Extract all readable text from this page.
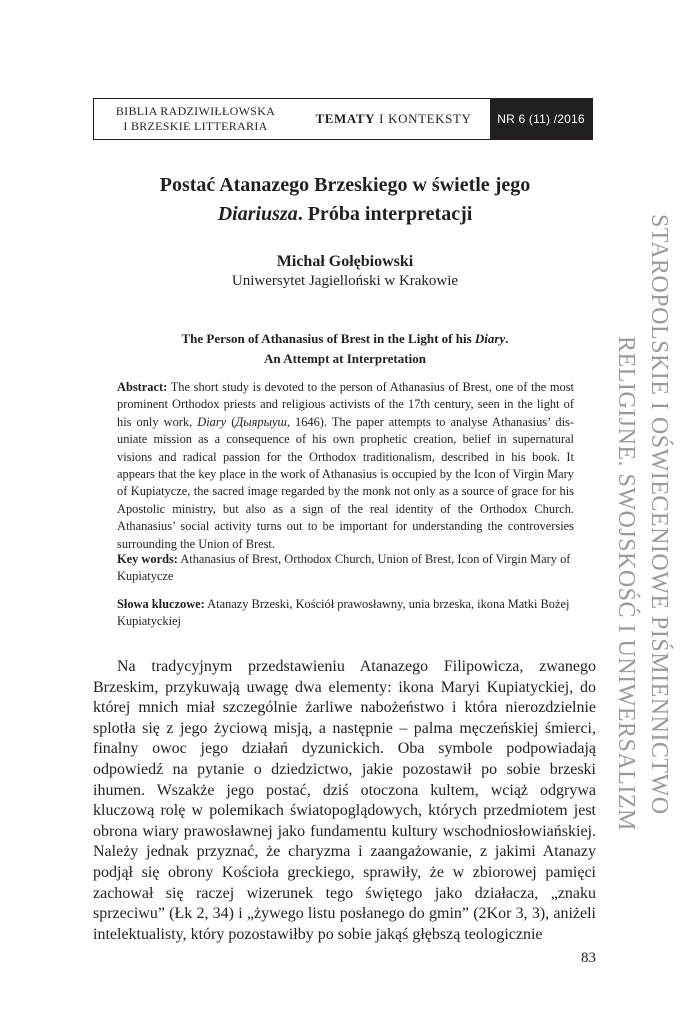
BIBLIA RADZIWIŁŁOWSKA
I BRZESKIE LITTERARIA	TEMATY I KONTEKSTY	NR 6 (11) /2016
Postać Atanazego Brzeskiego w świetle jego
Diariusza. Próba interpretacji
Michał Gołębiowski
Uniwersytet Jagielloński w Krakowie
The Person of Athanasius of Brest in the Light of his Diary.
An Attempt at Interpretation

Abstract: The short study is devoted to the person of Athanasius of Brest, one of the most prominent Orthodox priests and religious activists of the 17th century, seen in the light of his only work, Diary (Дыярыуш, 1646). The paper attempts to analyse Athanasius’ dis-uniate mission as a consequence of his own prophetic creation, belief in supernatural visions and radical passion for the Orthodox traditionalism, described in his book. It appears that the key place in the work of Athanasius is occupied by the Icon of Virgin Mary of Kupiatycze, the sacred image regarded by the monk not only as a source of grace for his Apostolic ministry, but also as a sign of the real identity of the Orthodox Church. Athanasius’ social activity turns out to be important for understanding the controversies surrounding the Union of Brest.

Key words: Athanasius of Brest, Orthodox Church, Union of Brest, Icon of Virgin Mary of Kupiatycze
Słowa kluczowe: Atanazy Brzeski, Kościół prawosławny, unia brzeska, ikona Matki Bożej Kupiatyckiej

Na tradycyjnym przedstawieniu Atanazego Filipowicza, zwanego Brzeskim, przykuwają uwagę dwa elementy: ikona Maryi Kupiatyckiej, do której mnich miał szczególnie żarliwe nabożeństwo i która nierozdzielnie splotła się z jego życiową misją, a następnie – palma męczeńskiej śmierci, finalny owoc jego działań dyzunickich. Oba symbole podpowiadają odpowiedź na pytanie o dziedzictwo, jakie pozostawił po sobie brzeski ihumen. Wszakże jego postać, dziś otoczona kultem, wciąż odgrywa kluczową rolę w polemikach światopoglądowych, których przedmiotem jest obrona wiary prawosławnej jako fundamentu kultury wschodniosłowiańskiej. Należy jednak przyznać, że charyzma i zaangażowanie, z jakimi Atanazy podjął się obrony Kościoła greckiego, sprawiły, że w zbiorowej pamięci zachował się raczej wizerunek tego świętego jako działacza, „znaku sprzeciwu” (Łk 2, 34) i „żywego listu posłanego do gmin” (2Kor 3, 3), aniżeli intelektualisty, który pozostawiłby po sobie jakąś głębszą teologicznie

83
STAROPOLSKIE I OŚWIECENIOWE PIŚMIENNICTWO
RELIGIJNE. SWOJSKOŚĆ I UNIWERSALIZM
